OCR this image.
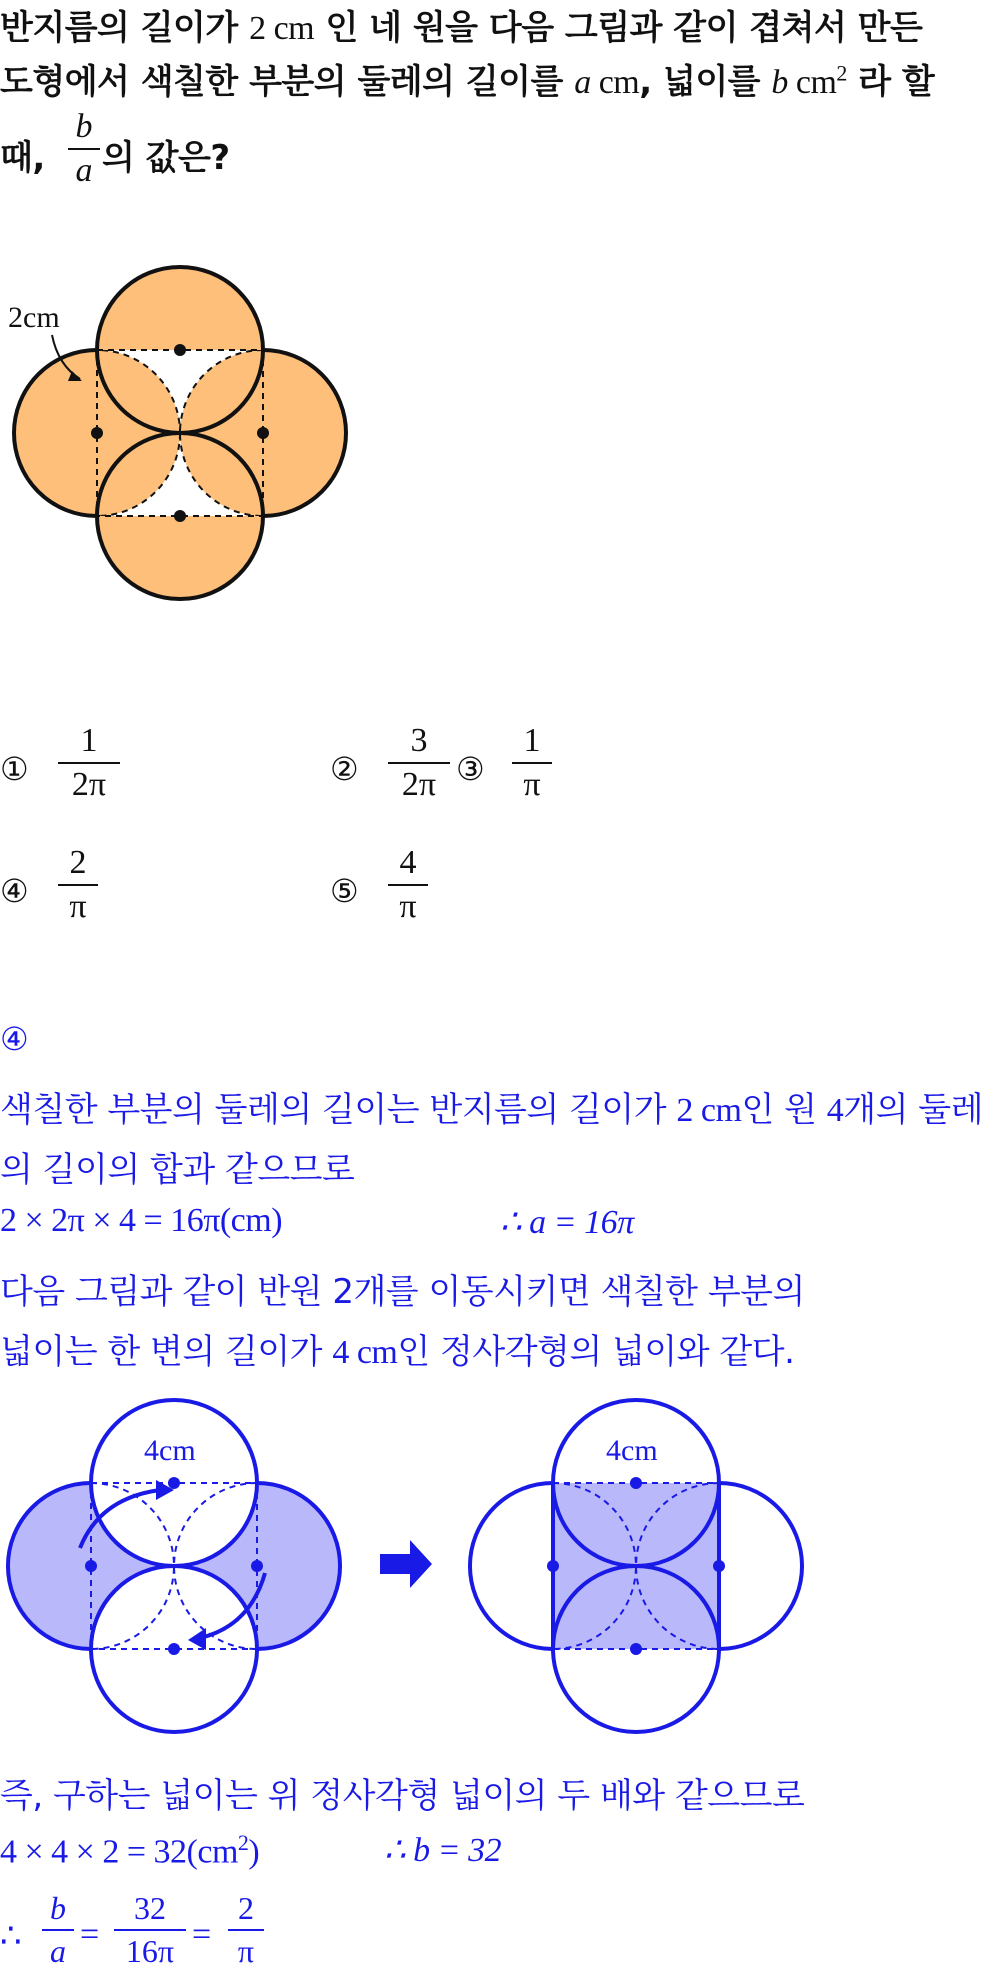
반지름의 길이가 2 cm 인 네 원을 다음 그림과 같이 겹쳐서 만든
도형에서 색칠한 부분의 둘레의 길이를 a cm, 넓이를 b $cm^2$ 라 할
때,
b
a 의 값은?
2cm
①
1
2π	②
3
2π ③
1
π
④
2
π	⑤
4
π
④
색칠한 부분의 둘레의 길이는 반지름의 길이가 2 cm인 원 4개의 둘레
의 길이의 합과 같으므로
2 × 2π × 4 = 16π(cm)	∴ a = 16π
다음 그림과 같이 반원 2개를 이동시키면 색칠한 부분의
넓이는 한 변의 길이가 4 cm인 정사각형의 넓이와 같다.
4cm	4cm
즉, 구하는 넓이는 위 정사각형 넓이의 두 배와 같으므로
$4 \times 4 \times 2 = 32(cm^2)$	∴ b = 32
∴
b
a =
32
16π =
2
π
